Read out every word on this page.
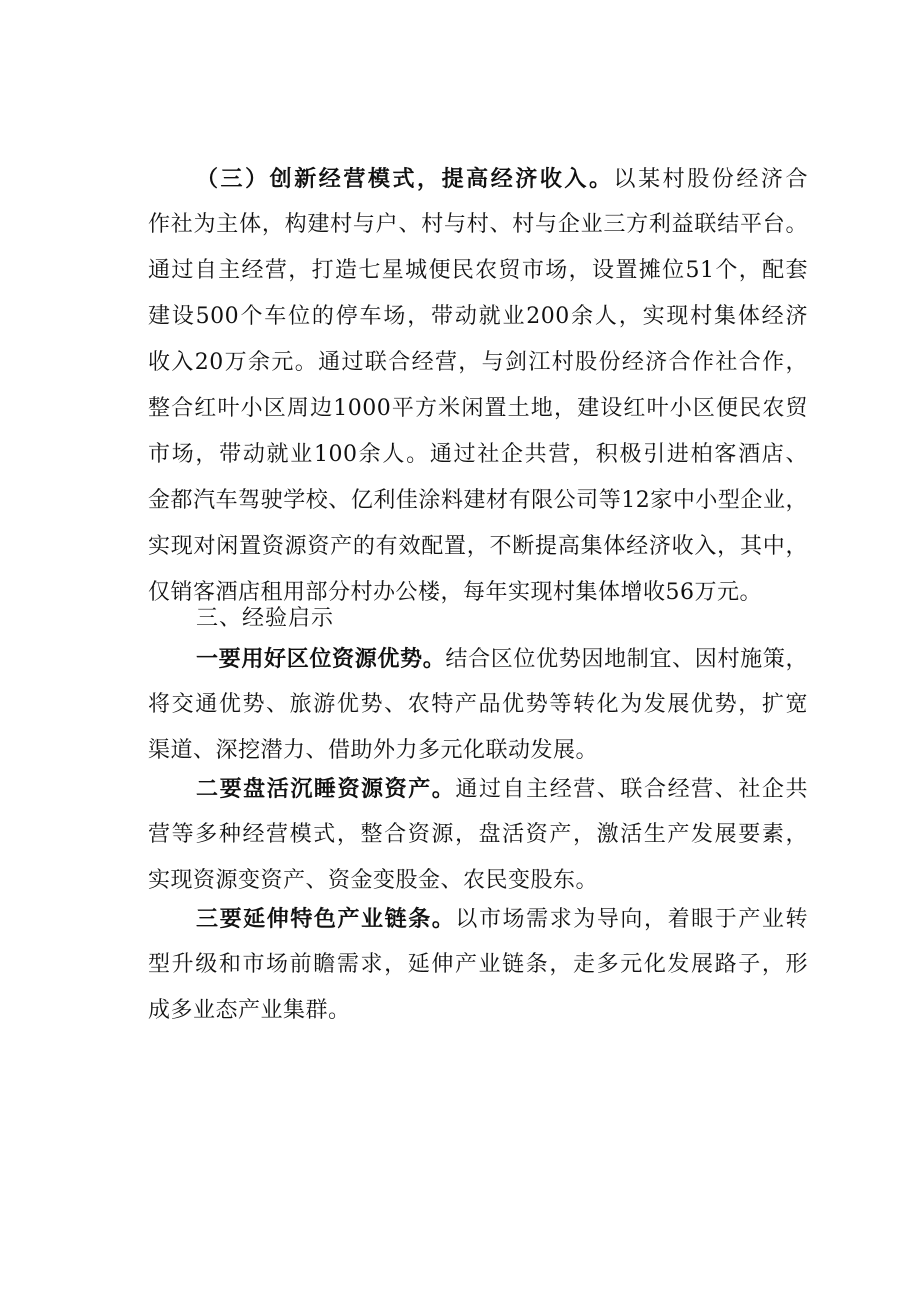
（三）创新经营模式，提高经济收入。以某村股份经济合
作社为主体，构建村与户、村与村、村与企业三方利益联结平台。
通过自主经营，打造七星城便民农贸市场，设置摊位51个，配套
建设500个车位的停车场，带动就业200余人，实现村集体经济
收入20万余元。通过联合经营，与剑江村股份经济合作社合作，
整合红叶小区周边1000平方米闲置土地，建设红叶小区便民农贸
市场，带动就业100余人。通过社企共营，积极引进柏客酒店、
金都汽车驾驶学校、亿利佳涂料建材有限公司等12家中小型企业，
实现对闲置资源资产的有效配置，不断提高集体经济收入，其中，
仅销客酒店租用部分村办公楼，每年实现村集体增收56万元。
三、经验启示
一要用好区位资源优势。结合区位优势因地制宜、因村施策，
将交通优势、旅游优势、农特产品优势等转化为发展优势，扩宽
渠道、深挖潜力、借助外力多元化联动发展。
二要盘活沉睡资源资产。通过自主经营、联合经营、社企共
营等多种经营模式，整合资源，盘活资产，激活生产发展要素，
实现资源变资产、资金变股金、农民变股东。
三要延伸特色产业链条。以市场需求为导向，着眼于产业转
型升级和市场前瞻需求，延伸产业链条，走多元化发展路子，形
成多业态产业集群。
